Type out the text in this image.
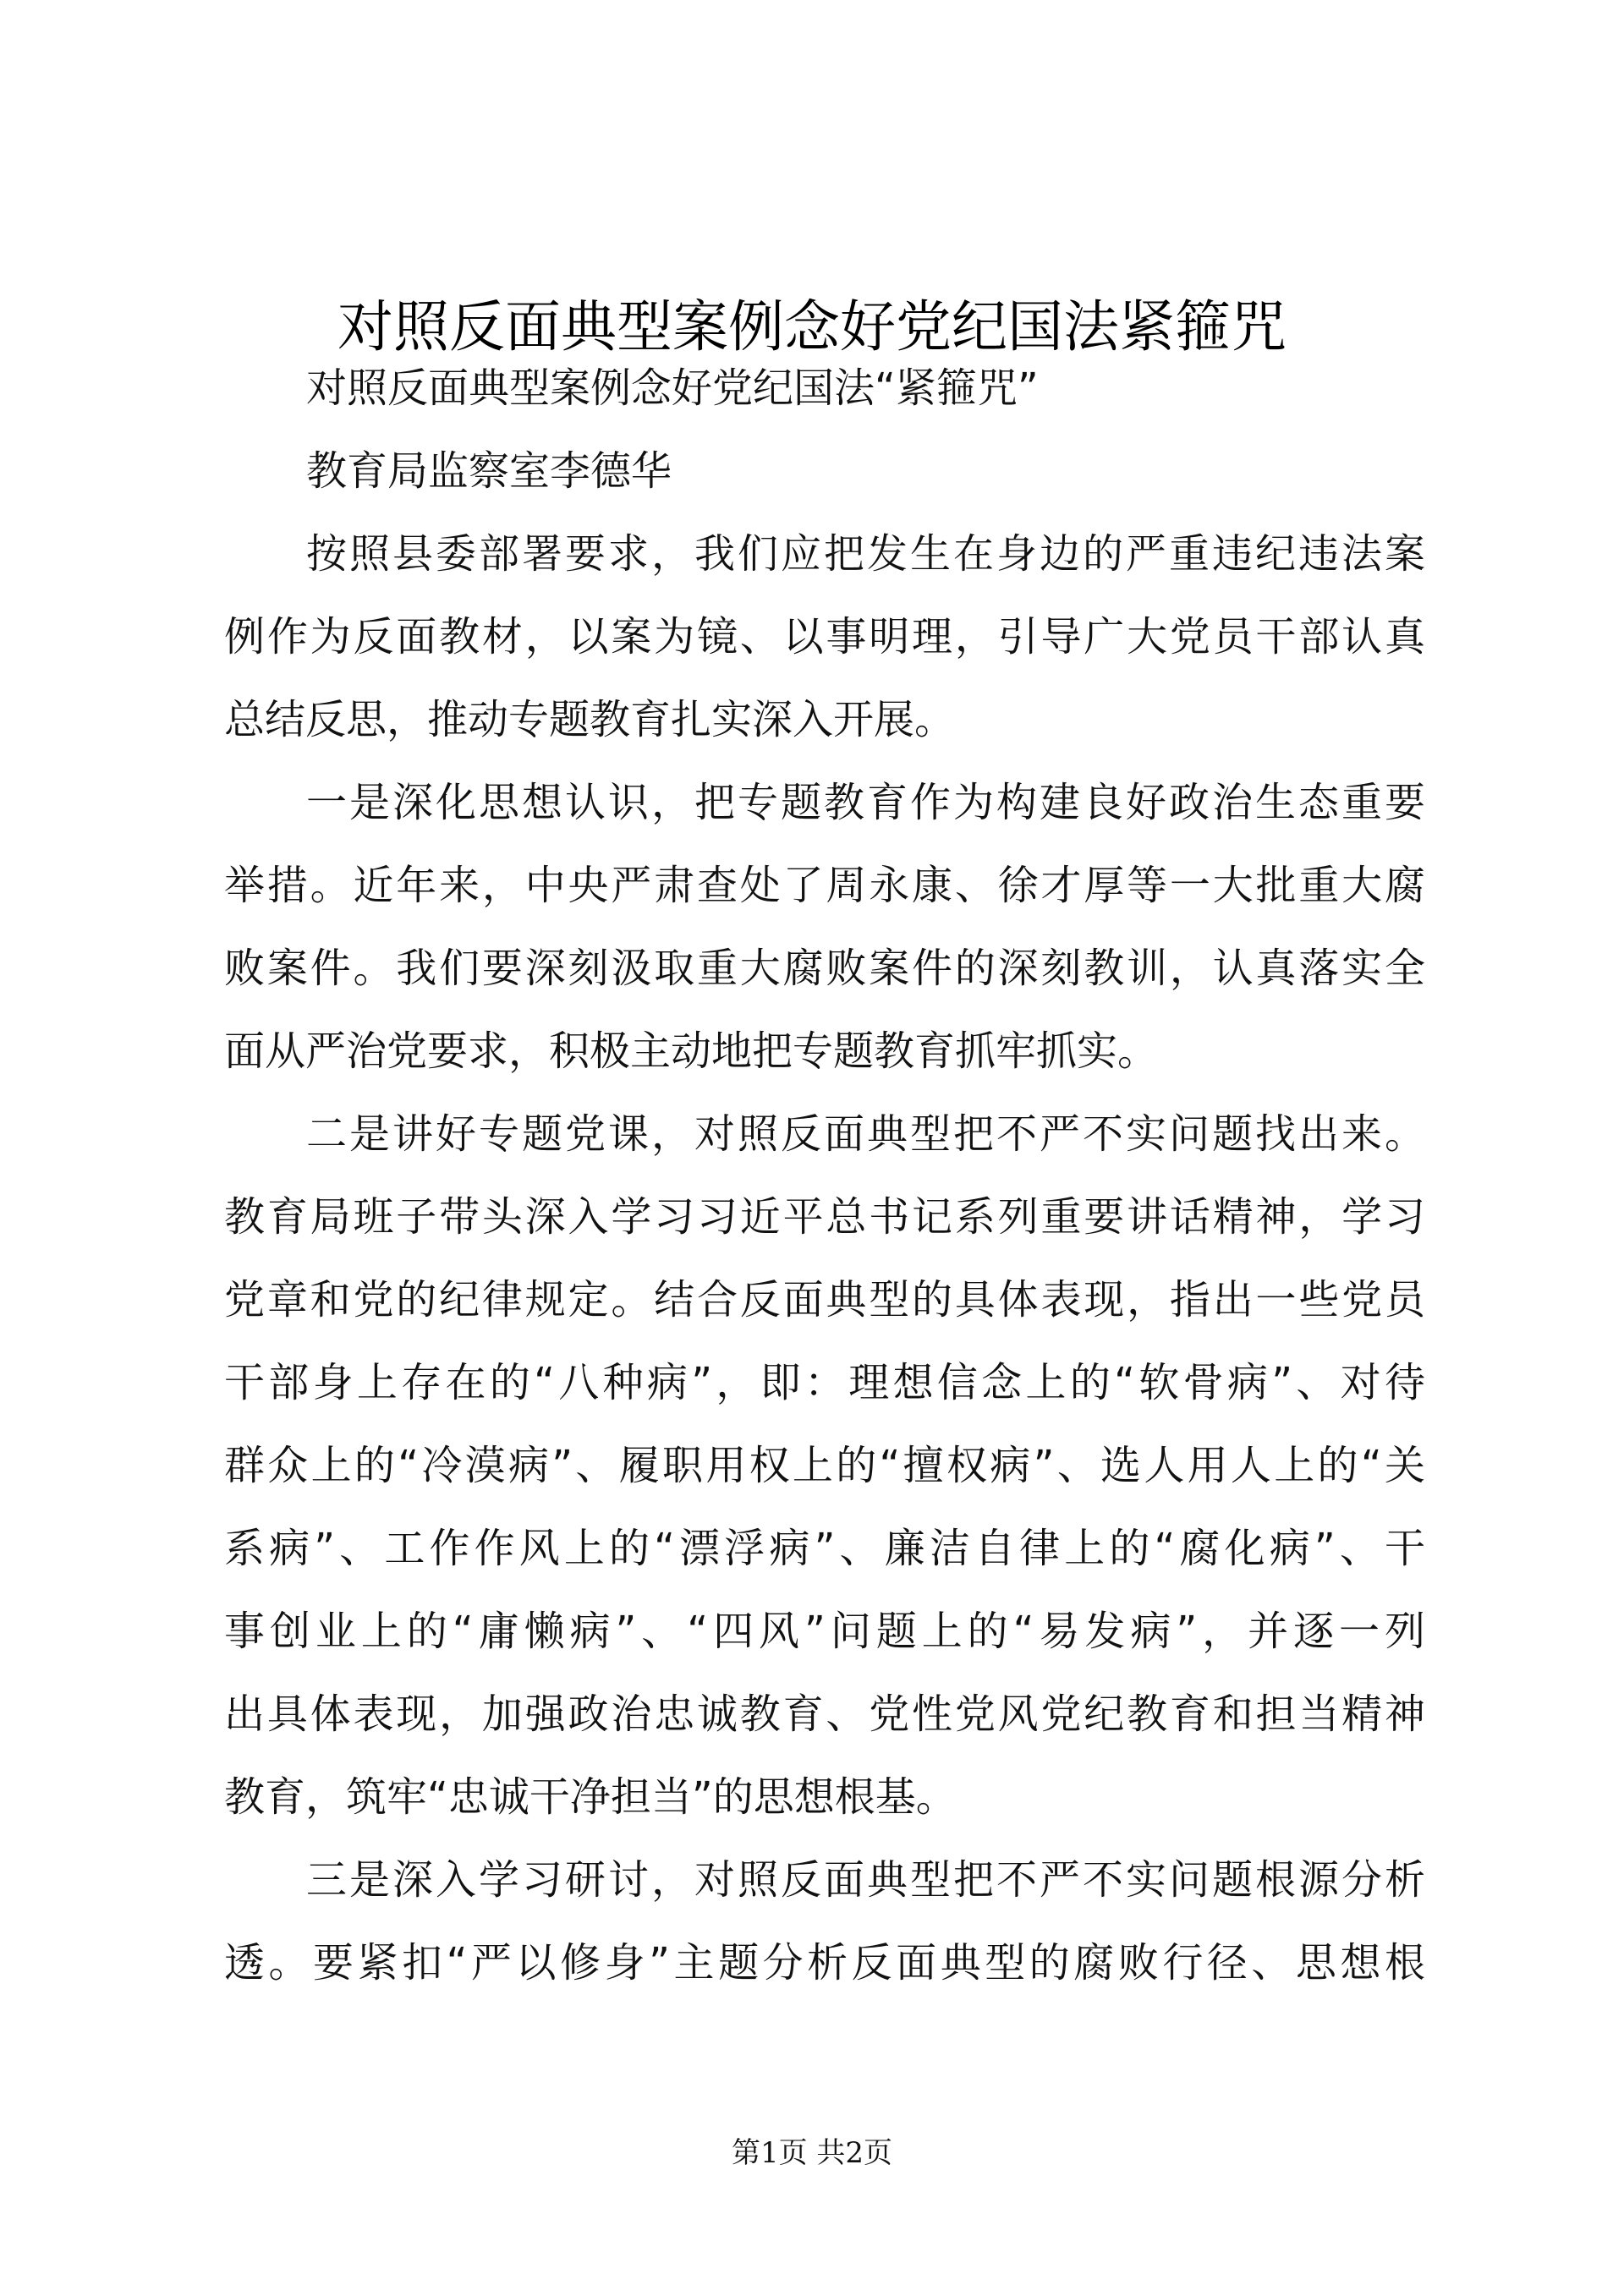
对照反面典型案例念好党纪国法紧箍咒
对照反面典型案例念好党纪国法“紧箍咒”
教育局监察室李德华
按照县委部署要求，我们应把发生在身边的严重违纪违法案
例作为反面教材，以案为镜、以事明理，引导广大党员干部认真
总结反思，推动专题教育扎实深入开展。
一是深化思想认识，把专题教育作为构建良好政治生态重要
举措。近年来，中央严肃查处了周永康、徐才厚等一大批重大腐
败案件。我们要深刻汲取重大腐败案件的深刻教训，认真落实全
面从严治党要求，积极主动地把专题教育抓牢抓实。
二是讲好专题党课，对照反面典型把不严不实问题找出来。
教育局班子带头深入学习习近平总书记系列重要讲话精神，学习
党章和党的纪律规定。结合反面典型的具体表现，指出一些党员
干部身上存在的“八种病”，即：理想信念上的“软骨病”、对待
群众上的“冷漠病”、履职用权上的“擅权病”、选人用人上的“关
系病”、工作作风上的“漂浮病”、廉洁自律上的“腐化病”、干
事创业上的“庸懒病”、“四风”问题上的“易发病”，并逐一列
出具体表现，加强政治忠诚教育、党性党风党纪教育和担当精神
教育，筑牢“忠诚干净担当”的思想根基。
三是深入学习研讨，对照反面典型把不严不实问题根源分析
透。要紧扣“严以修身”主题分析反面典型的腐败行径、思想根
第1页 共2页
